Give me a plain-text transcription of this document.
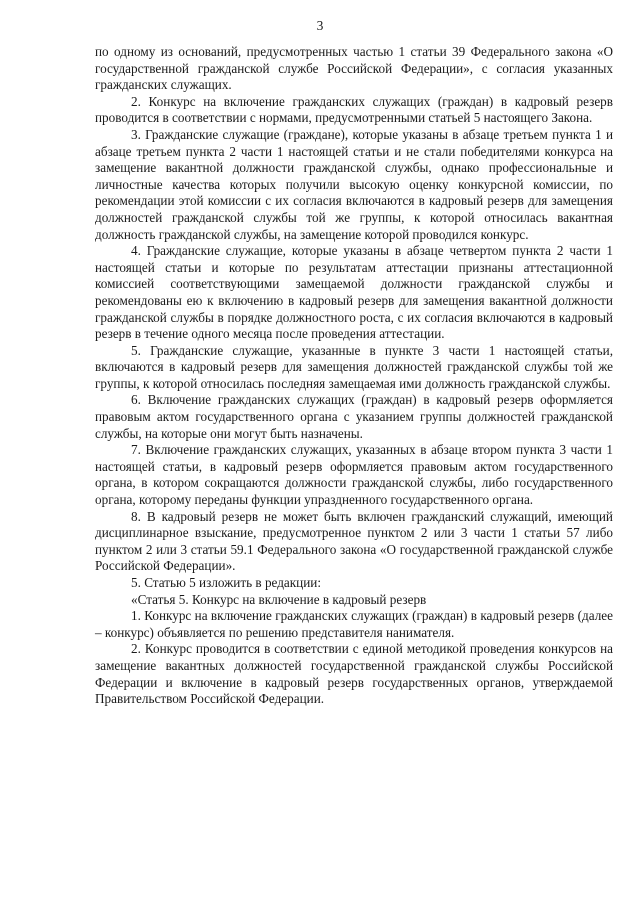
3

по одному из оснований, предусмотренных частью 1 статьи 39 Федерального закона «О государственной гражданской службе Российской Федерации», с согласия указанных гражданских служащих.

2. Конкурс на включение гражданских служащих (граждан) в кадровый резерв проводится в соответствии с нормами, предусмотренными статьей 5 настоящего Закона.

3. Гражданские служащие (граждане), которые указаны в абзаце третьем пункта 1 и абзаце третьем пункта 2 части 1 настоящей статьи и не стали победителями конкурса на замещение вакантной должности гражданской службы, однако профессиональные и личностные качества которых получили высокую оценку конкурсной комиссии, по рекомендации этой комиссии с их согласия включаются в кадровый резерв для замещения должностей гражданской службы той же группы, к которой относилась вакантная должность гражданской службы, на замещение которой проводился конкурс.

4. Гражданские служащие, которые указаны в абзаце четвертом пункта 2 части 1 настоящей статьи и которые по результатам аттестации признаны аттестационной комиссией соответствующими замещаемой должности гражданской службы и рекомендованы ею к включению в кадровый резерв для замещения вакантной должности гражданской службы в порядке должностного роста, с их согласия включаются в кадровый резерв в течение одного месяца после проведения аттестации.

5. Гражданские служащие, указанные в пункте 3 части 1 настоящей статьи, включаются в кадровый резерв для замещения должностей гражданской службы той же группы, к которой относилась последняя замещаемая ими должность гражданской службы.

6. Включение гражданских служащих (граждан) в кадровый резерв оформляется правовым актом государственного органа с указанием группы должностей гражданской службы, на которые они могут быть назначены.

7. Включение гражданских служащих, указанных в абзаце втором пункта 3 части 1 настоящей статьи, в кадровый резерв оформляется правовым актом государственного органа, в котором сокращаются должности гражданской службы, либо государственного органа, которому переданы функции упраздненного государственного органа.

8. В кадровый резерв не может быть включен гражданский служащий, имеющий дисциплинарное взыскание, предусмотренное пунктом 2 или 3 части 1 статьи 57 либо пунктом 2 или 3 статьи 59.1 Федерального закона «О государственной гражданской службе Российской Федерации».

5. Статью 5 изложить в редакции:

«Статья 5. Конкурс на включение в кадровый резерв

1. Конкурс на включение гражданских служащих (граждан) в кадровый резерв (далее – конкурс) объявляется по решению представителя нанимателя.

2. Конкурс проводится в соответствии с единой методикой проведения конкурсов на замещение вакантных должностей государственной гражданской службы Российской Федерации и включение в кадровый резерв государственных органов, утверждаемой Правительством Российской Федерации.
